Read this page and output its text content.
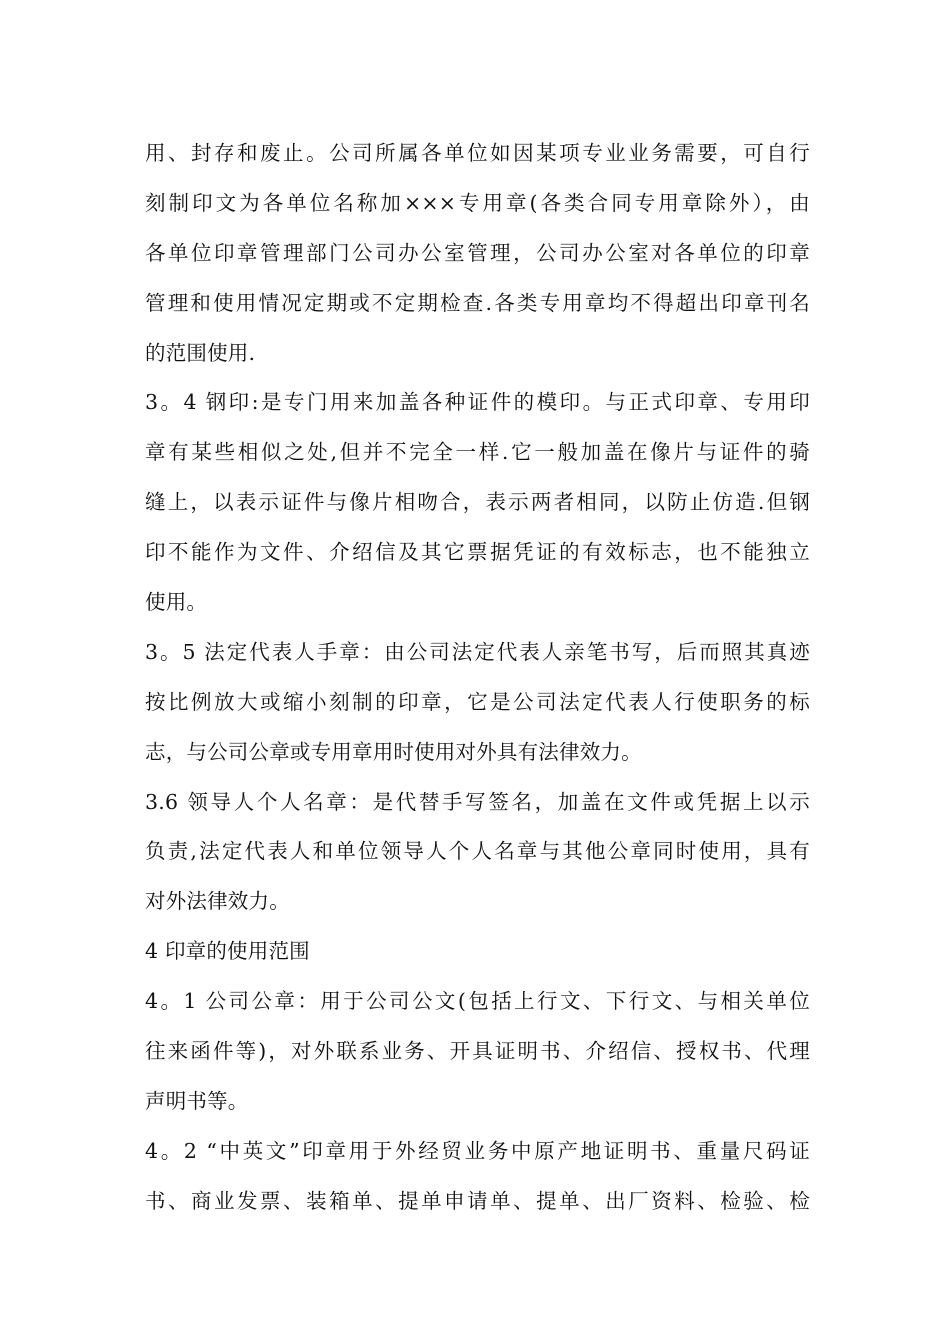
用、封存和废止。公司所属各单位如因某项专业业务需要，可自行
刻制印文为各单位名称加×××专用章(各类合同专用章除外），由
各单位印章管理部门公司办公室管理，公司办公室对各单位的印章
管理和使用情况定期或不定期检查.各类专用章均不得超出印章刊名
的范围使用.
3。4 钢印:是专门用来加盖各种证件的模印。与正式印章、专用印
章有某些相似之处,但并不完全一样.它一般加盖在像片与证件的骑
缝上，以表示证件与像片相吻合，表示两者相同，以防止仿造.但钢
印不能作为文件、介绍信及其它票据凭证的有效标志，也不能独立
使用。
3。5 法定代表人手章：由公司法定代表人亲笔书写，后而照其真迹
按比例放大或缩小刻制的印章，它是公司法定代表人行使职务的标
志，与公司公章或专用章用时使用对外具有法律效力。
3.6 领导人个人名章：是代替手写签名，加盖在文件或凭据上以示
负责,法定代表人和单位领导人个人名章与其他公章同时使用，具有
对外法律效力。
4 印章的使用范围
4。1 公司公章：用于公司公文(包括上行文、下行文、与相关单位
往来函件等)，对外联系业务、开具证明书、介绍信、授权书、代理
声明书等。
4。2 “中英文”印章用于外经贸业务中原产地证明书、重量尺码证
书、商业发票、装箱单、提单申请单、提单、出厂资料、检验、检
